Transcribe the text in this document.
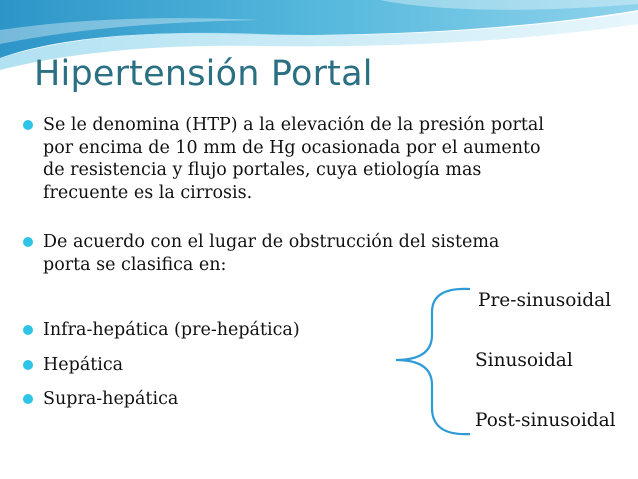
Hipertensión Portal
Se le denomina (HTP) a la elevación de la presión portal
por encima de 10 mm de Hg ocasionada por el aumento
de resistencia y flujo portales, cuya etiología mas
frecuente es la cirrosis.
De acuerdo con el lugar de obstrucción del sistema
porta se clasifica en:
Infra-hepática (pre-hepática)
Hepática
Supra-hepática
Pre-sinusoidal
Sinusoidal
Post-sinusoidal
